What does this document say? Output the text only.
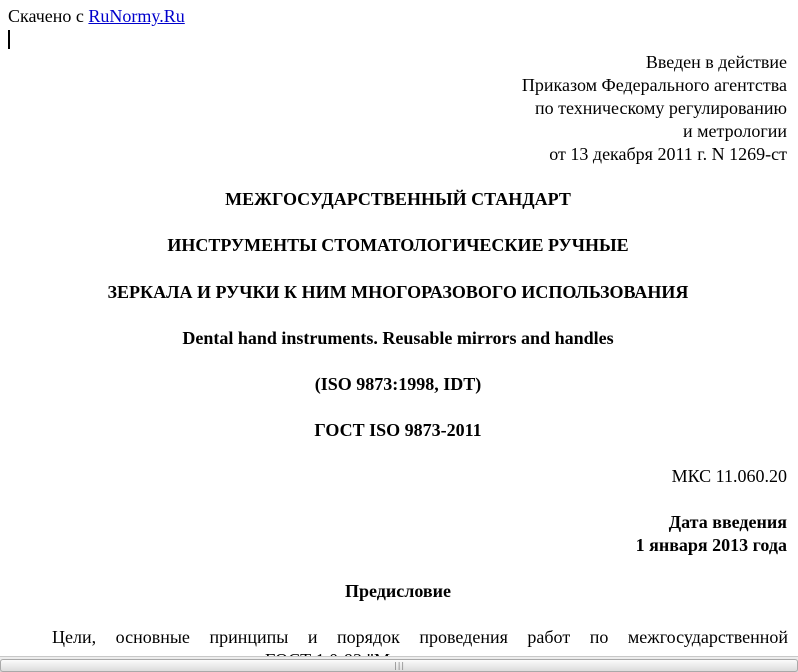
Скачено с RuNormy.Ru
Введен в действие
Приказом Федерального агентства
по техническому регулированию
и метрологии
от 13 декабря 2011 г. N 1269-ст
МЕЖГОСУДАРСТВЕННЫЙ СТАНДАРТ
ИНСТРУМЕНТЫ СТОМАТОЛОГИЧЕСКИЕ РУЧНЫЕ
ЗЕРКАЛА И РУЧКИ К НИМ МНОГОРАЗОВОГО ИСПОЛЬЗОВАНИЯ
Dental hand instruments. Reusable mirrors and handles
(ISO 9873:1998, IDT)
ГОСТ ISO 9873-2011
МКС 11.060.20
Дата введения
1 января 2013 года
Предисловие
Цели, основные принципы и порядок проведения работ по межгосударственной
|||
